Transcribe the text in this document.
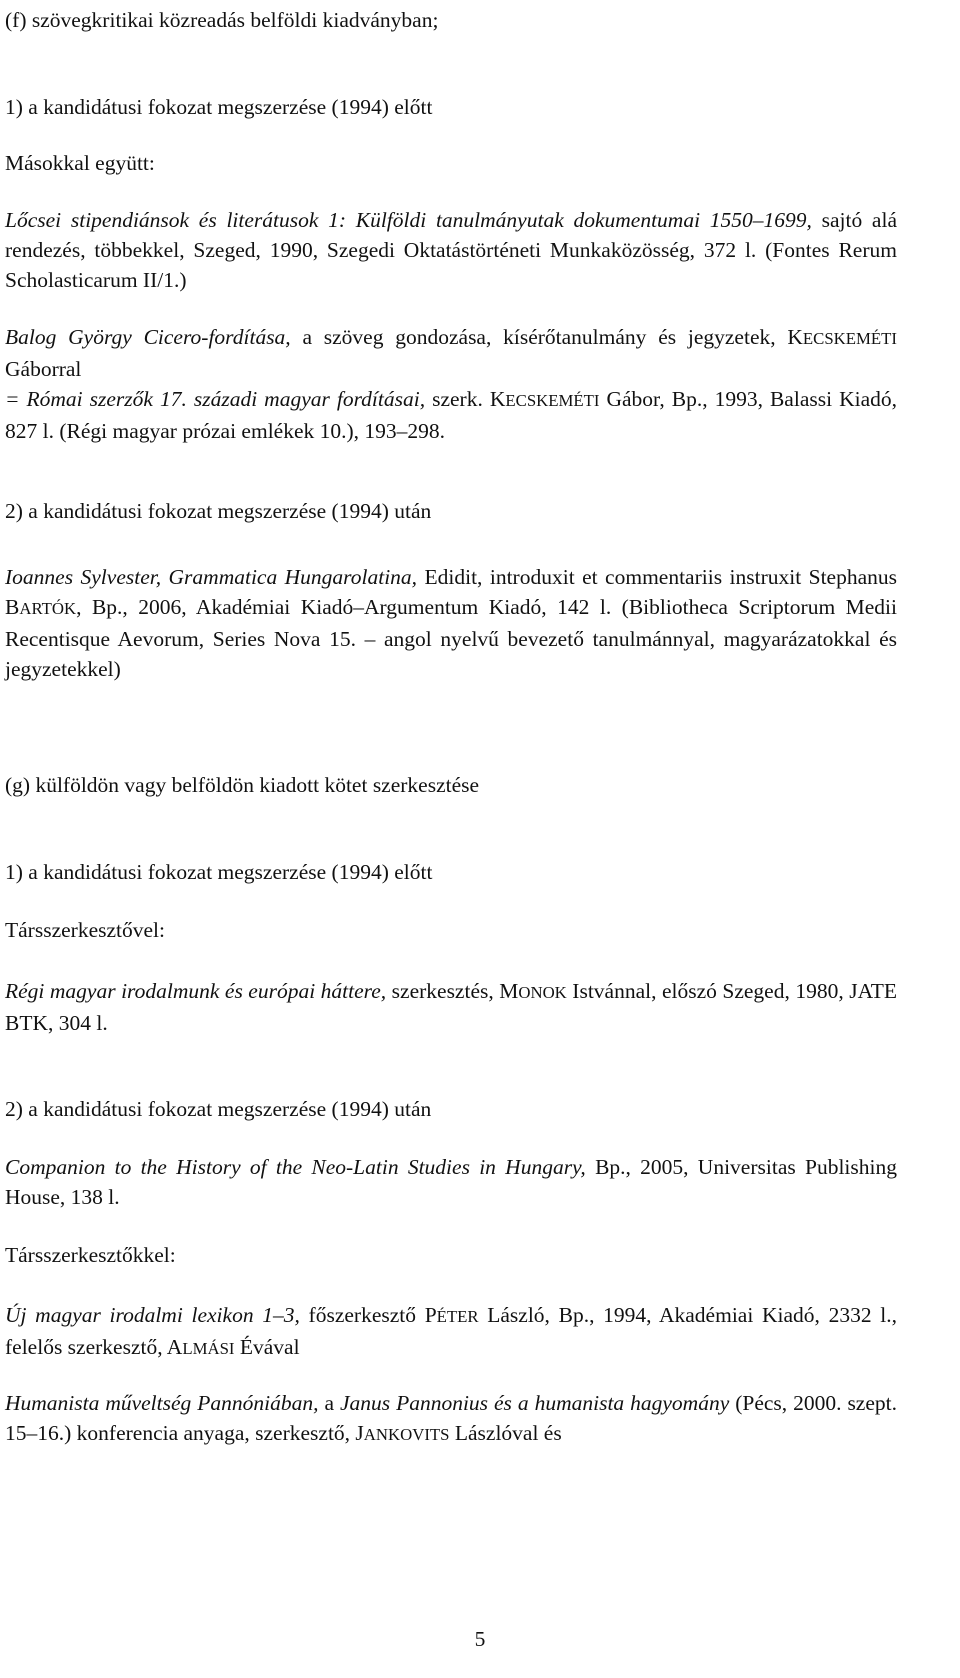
(f) szövegkritikai közreadás belföldi kiadványban;

1) a kandidátusi fokozat megszerzése (1994) előtt

Másokkal együtt:

Lőcsei stipendiánsok és literátusok 1: Külföldi tanulmányutak dokumentumai 1550–1699, sajtó alá rendezés, többekkel, Szeged, 1990, Szegedi Oktatástörténeti Munkaközösség, 372 l. (Fontes Rerum Scholasticarum II/1.)

Balog György Cicero-fordítása, a szöveg gondozása, kísérőtanulmány és jegyzetek, KECSKEMÉTI Gáborral
= Római szerzők 17. századi magyar fordításai, szerk. KECSKEMÉTI Gábor, Bp., 1993, Balassi Kiadó, 827 l. (Régi magyar prózai emlékek 10.), 193–298.

2) a kandidátusi fokozat megszerzése (1994) után

Ioannes Sylvester, Grammatica Hungarolatina, Edidit, introduxit et commentariis instruxit Stephanus BARTÓK, Bp., 2006, Akadémiai Kiadó–Argumentum Kiadó, 142 l. (Bibliotheca Scriptorum Medii Recentisque Aevorum, Series Nova 15. – angol nyelvű bevezető tanulmánnyal, magyarázatokkal és jegyzetekkel)

(g) külföldön vagy belföldön kiadott kötet szerkesztése

1) a kandidátusi fokozat megszerzése (1994) előtt

Társszerkesztővel:

Régi magyar irodalmunk és európai háttere, szerkesztés, MONOK Istvánnal, előszó Szeged, 1980, JATE BTK, 304 l.

2) a kandidátusi fokozat megszerzése (1994) után

Companion to the History of the Neo-Latin Studies in Hungary, Bp., 2005, Universitas Publishing House, 138 l.

Társszerkesztőkkel:

Új magyar irodalmi lexikon 1–3, főszerkesztő PÉTER László, Bp., 1994, Akadémiai Kiadó, 2332 l., felelős szerkesztő, ALMÁSI Évával

Humanista műveltség Pannóniában, a Janus Pannonius és a humanista hagyomány (Pécs, 2000. szept. 15–16.) konferencia anyaga, szerkesztő, JANKOVITS Lászlóval és

5
